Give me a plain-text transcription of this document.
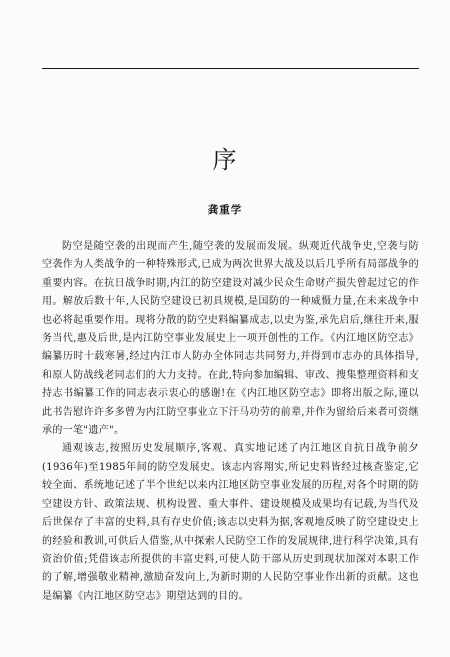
序
龚重学

防空是随空袭的出现而产生,随空袭的发展而发展。纵观近代战争史,空袭与防空袭作为人类战争的一种特殊形式,已成为两次世界大战及以后几乎所有局部战争的重要内容。在抗日战争时期,内江的防空建设对减少民众生命财产损失曾起过它的作用。解放后数十年,人民防空建设已初具规模,是国防的一种威慑力量,在未来战争中也必将起重要作用。现将分散的防空史料编纂成志,以史为鉴,承先启后,继往开来,服务当代,惠及后世,是内江防空事业发展史上一项开创性的工作。《内江地区防空志》编纂历时十载寒暑,经过内江市人防办全体同志共同努力,并得到市志办的具体指导,和原人防战线老同志们的大力支持。在此,特向参加编辑、审改、搜集整理资料和支持志书编纂工作的同志表示衷心的感谢!在《内江地区防空志》即将出版之际,谨以此书告慰许许多多曾为内江防空事业立下汗马功劳的前辈,并作为留给后来者可资继承的一笔"遗产"。

通观该志,按照历史发展顺序,客观、真实地记述了内江地区自抗日战争前夕(1936年)至1985年间的防空发展史。该志内容翔实,所记史料皆经过核查鉴定,它较全面、系统地记述了半个世纪以来内江地区防空事业发展的历程,对各个时期的防空建设方针、政策法规、机构设置、重大事件、建设规模及成果均有记载,为当代及后世保存了丰富的史料,具有存史价值;该志以史料为据,客观地反映了防空建设史上的经验和教训,可供后人借鉴,从中探索人民防空工作的发展规律,进行科学决策,具有资治价值;凭借该志所提供的丰富史料,可使人防干部从历史到现状加深对本职工作的了解,增强敬业精神,激励奋发向上,为新时期的人民防空事业作出新的贡献。这也是编纂《内江地区防空志》期望达到的目的。
